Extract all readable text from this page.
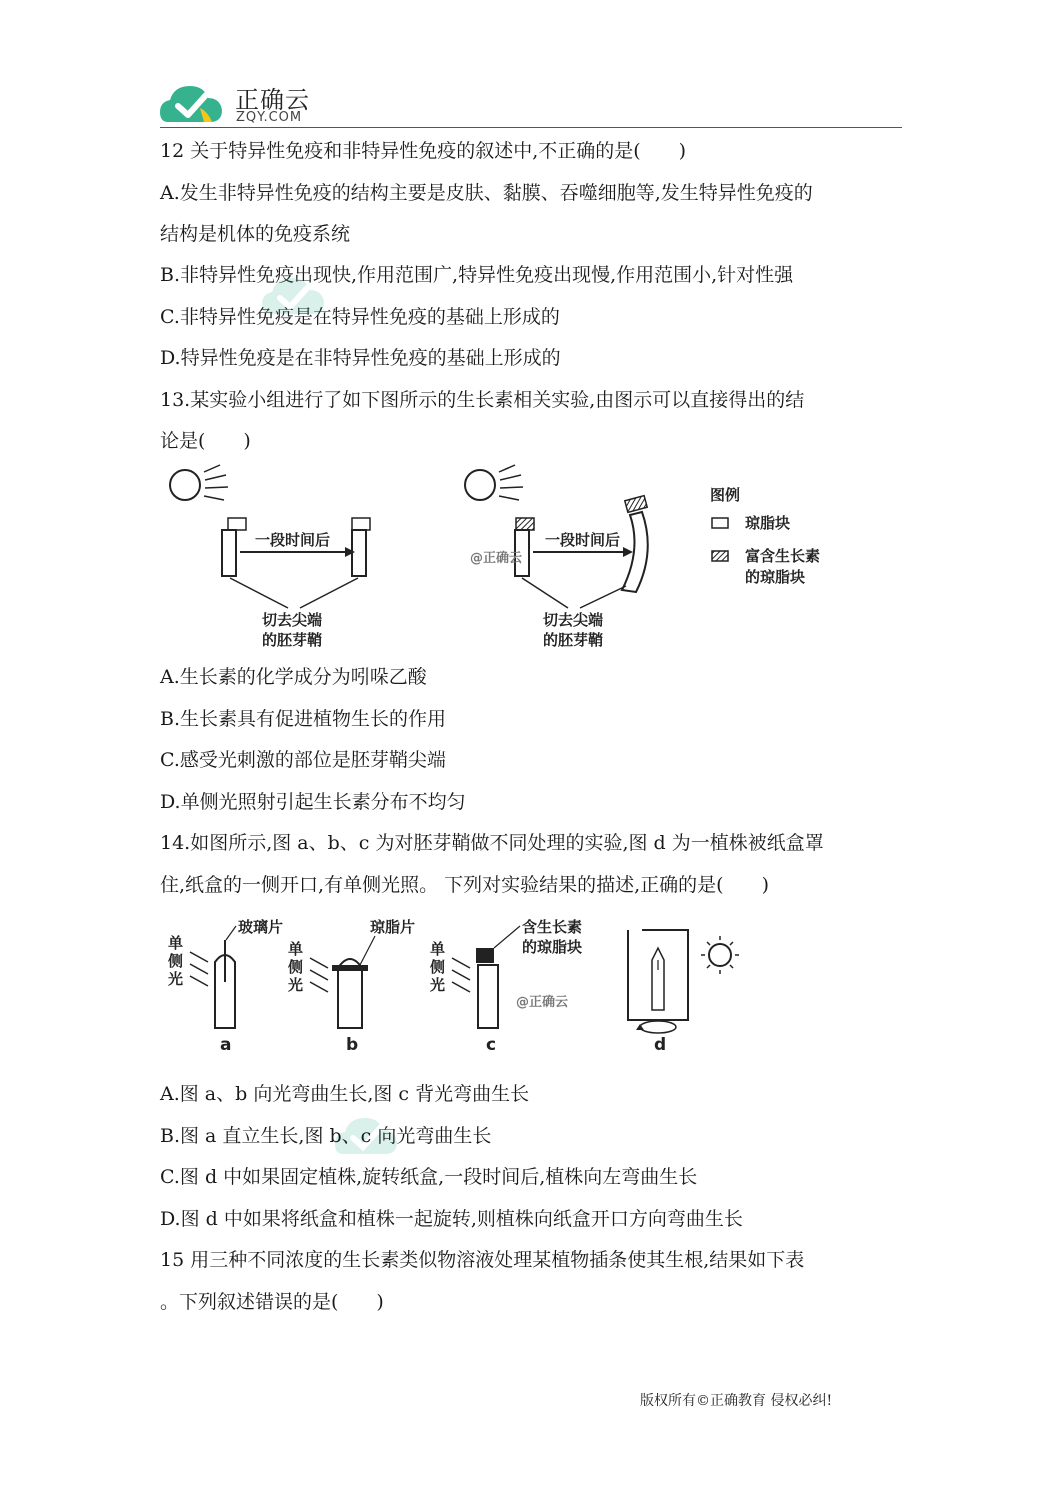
正确云
ZQY.COM
12 关于特异性免疫和非特异性免疫的叙述中,不正确的是(　　)
A.发生非特异性免疫的结构主要是皮肤、黏膜、吞噬细胞等,发生特异性免疫的
结构是机体的免疫系统
B.非特异性免疫出现快,作用范围广,特异性免疫出现慢,作用范围小,针对性强
C.非特异性免疫是在特异性免疫的基础上形成的
D.特异性免疫是在非特异性免疫的基础上形成的
13.某实验小组进行了如下图所示的生长素相关实验,由图示可以直接得出的结
论是(　　)
一段时间后
切去尖端
的胚芽鞘
@正确云
一段时间后
切去尖端
的胚芽鞘
图例
琼脂块
富含生长素
的琼脂块
A.生长素的化学成分为吲哚乙酸
B.生长素具有促进植物生长的作用
C.感受光刺激的部位是胚芽鞘尖端
D.单侧光照射引起生长素分布不均匀
14.如图所示,图 a、b、c 为对胚芽鞘做不同处理的实验,图 d 为一植株被纸盒罩
住,纸盒的一侧开口,有单侧光照。 下列对实验结果的描述,正确的是(　　)
单
侧
光
玻璃片
a
单
侧
光
琼脂片
b
单
侧
光
含生长素
的琼脂块
@正确云
c	d
A.图 a、b 向光弯曲生长,图 c 背光弯曲生长
B.图 a 直立生长,图 b、c 向光弯曲生长
C.图 d 中如果固定植株,旋转纸盒,一段时间后,植株向左弯曲生长
D.图 d 中如果将纸盒和植株一起旋转,则植株向纸盒开口方向弯曲生长
15 用三种不同浓度的生长素类似物溶液处理某植物插条使其生根,结果如下表
。下列叙述错误的是(　　)
版权所有©正确教育 侵权必纠!
